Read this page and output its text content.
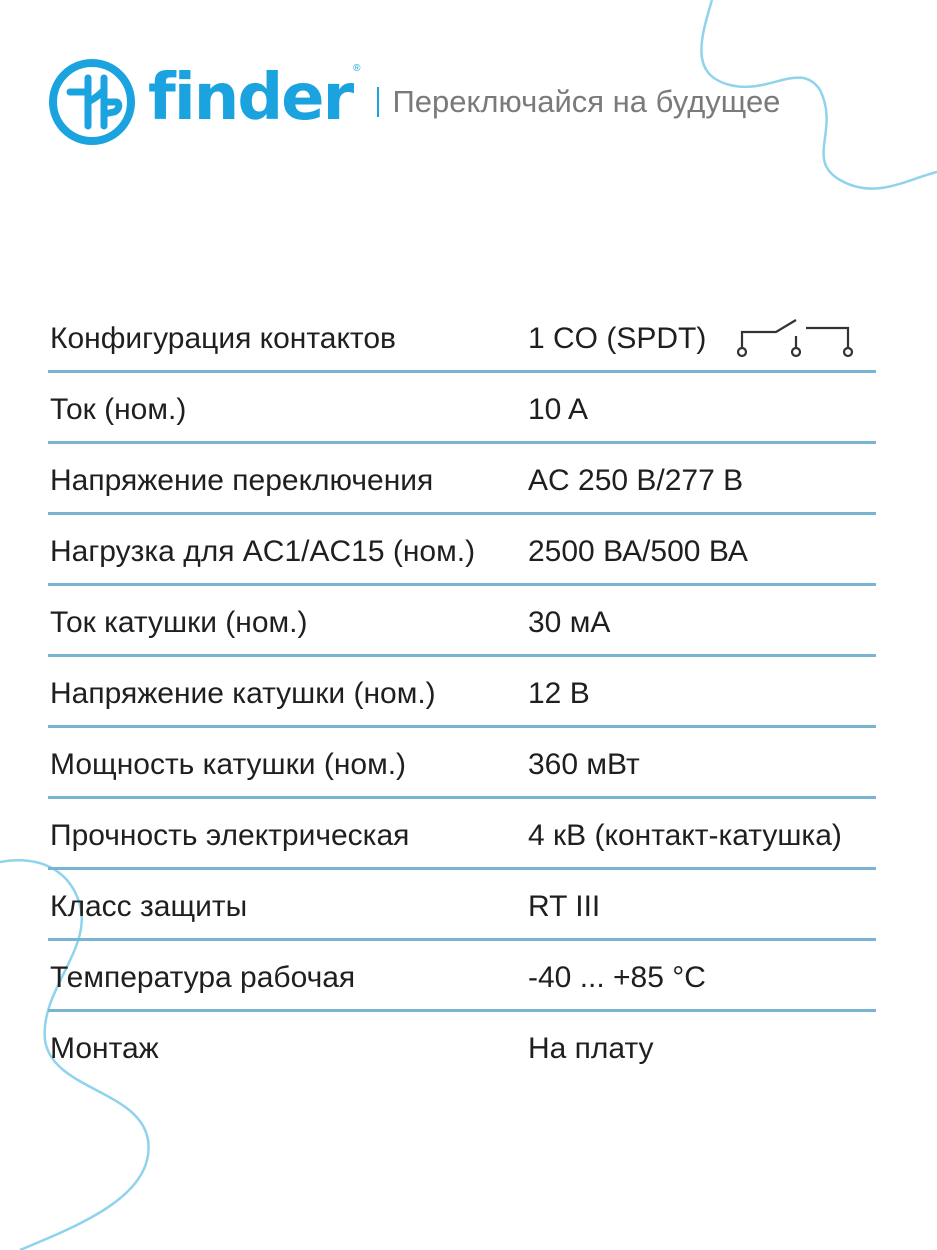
finder ®
Переключайся на будущее
Конфигурация контактов	1 CO (SPDT)
Ток (ном.)	10 A
Напряжение переключения	AC 250 В/277 В
Нагрузка для AC1/AC15 (ном.) 2500 ВА/500 ВА
Ток катушки (ном.)	30 мА
Напряжение катушки (ном.)	12 В
Мощность катушки (ном.)	360 мВт
Прочность электрическая	4 кВ (контакт-катушка)
Класс защиты	RT III
Температура рабочая	-40 ... +85 °С
Монтаж	На плату
